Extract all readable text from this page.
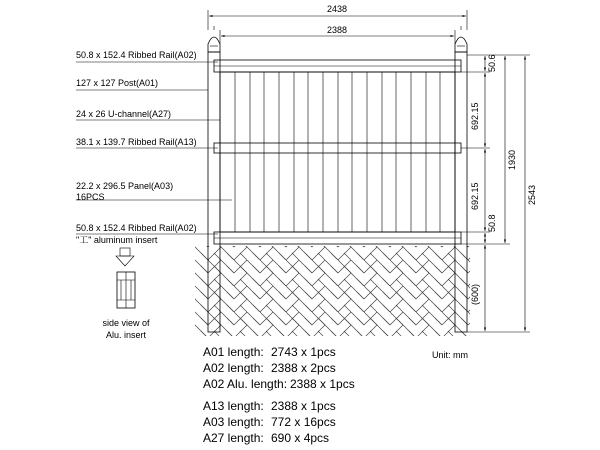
2438
2388
50.6
692.15
692.15
50.8
1930
2543
(600)
50.8 x 152.4 Ribbed Rail(A02)
127 x 127 Post(A01)
24 x 26 U-channel(A27)
38.1 x 139.7 Ribbed Rail(A13)
22.2 x 296.5 Panel(A03)
16PCS
50.8 x 152.4 Ribbed Rail(A02)
"工" aluminum insert
side view of
Alu. insert
Unit: mm
A01 length: 2743 x 1pcs
A02 length: 2388 x 2pcs
A02 Alu. length: 2388 x 1pcs
A13 length: 2388 x 1pcs
A03 length: 772 x 16pcs
A27 length: 690 x 4pcs
